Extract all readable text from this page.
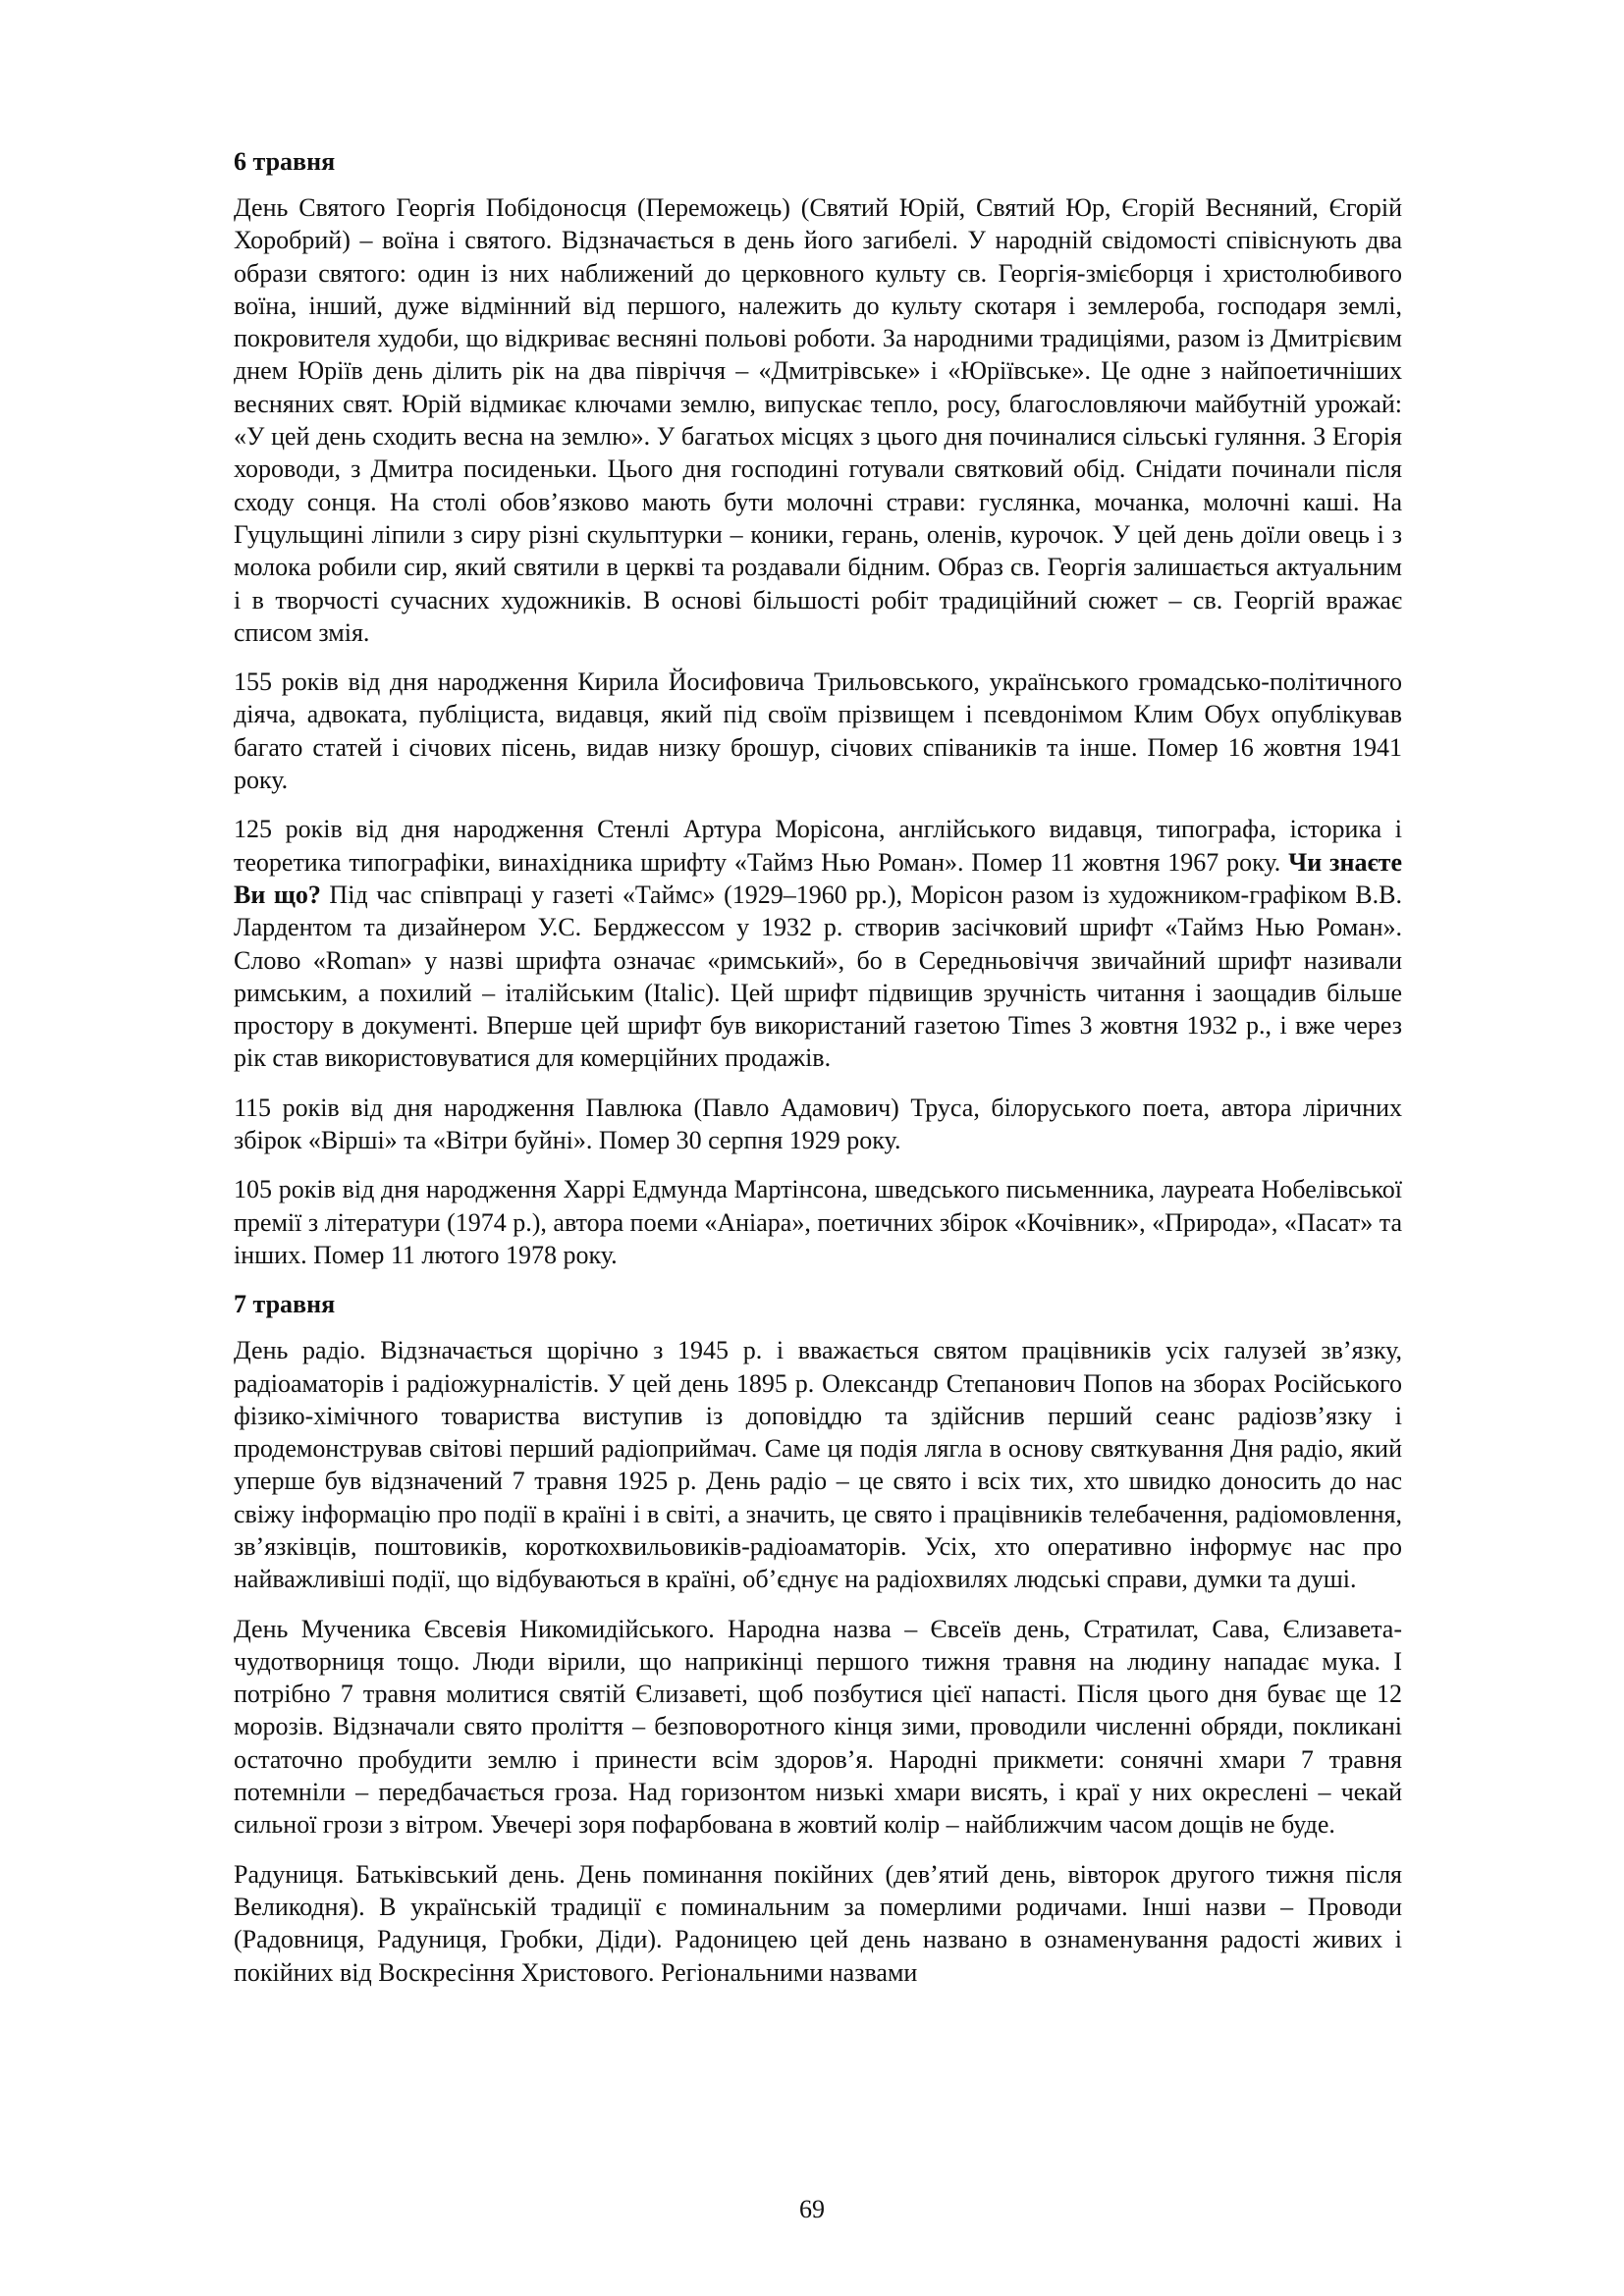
6 травня

День Святого Георгія Побідоносця (Переможець) (Святий Юрій, Святий Юр, Єгорій Весняний, Єгорій Хоробрий) – воїна і святого. Відзначається в день його загибелі. У народній свідомості співіснують два образи святого: один із них наближений до церковного культу св. Георгія-змієборця і христолюбивого воїна, інший, дуже відмінний від першого, належить до культу скотаря і землероба, господаря землі, покровителя худоби, що відкриває весняні польові роботи. За народними традиціями, разом із Дмитрієвим днем Юріїв день ділить рік на два півріччя – «Дмитрівське» і «Юріївське». Це одне з найпоетичніших весняних свят. Юрій відмикає ключами землю, випускає тепло, росу, благословляючи майбутній урожай: «У цей день сходить весна на землю». У багатьох місцях з цього дня починалися сільські гуляння. З Егорія хороводи, з Дмитра посиденьки. Цього дня господині готували святковий обід. Снідати починали після сходу сонця. На столі обов’язково мають бути молочні страви: гуслянка, мочанка, молочні каші. На Гуцульщині ліпили з сиру різні скульптурки – коники, герань, оленів, курочок. У цей день доїли овець і з молока робили сир, який святили в церкві та роздавали бідним. Образ св. Георгія залишається актуальним і в творчості сучасних художників. В основі більшості робіт традиційний сюжет – св. Георгій вражає списом змія.

155 років від дня народження Кирила Йосифовича Трильовського, українського громадсько-політичного діяча, адвоката, публіциста, видавця, який під своїм прізвищем і псевдонімом Клим Обух опублікував багато статей і січових пісень, видав низку брошур, січових співаників та інше. Помер 16 жовтня 1941 року.

125 років від дня народження Стенлі Артура Морісона, англійського видавця, типографа, історика і теоретика типографіки, винахідника шрифту «Таймз Нью Роман». Помер 11 жовтня 1967 року. Чи знаєте Ви що? Під час співпраці у газеті «Таймс» (1929–1960 рр.), Морісон разом із художником-графіком В.В. Лардентом та дизайнером У.С. Берджессом у 1932 р. створив засічковий шрифт «Таймз Нью Роман». Слово «Roman» у назві шрифта означає «римський», бо в Середньовіччя звичайний шрифт називали римським, а похилий – італійським (Italic). Цей шрифт підвищив зручність читання і заощадив більше простору в документі. Вперше цей шрифт був використаний газетою Times 3 жовтня 1932 р., і вже через рік став використовуватися для комерційних продажів.

115 років від дня народження Павлюка (Павло Адамович) Труса, білоруського поета, автора ліричних збірок «Вірші» та «Вітри буйні». Помер 30 серпня 1929 року.

105 років від дня народження Харрі Едмунда Мартінсона, шведського письменника, лауреата Нобелівської премії з літератури (1974 р.), автора поеми «Аніара», поетичних збірок «Кочівник», «Природа», «Пасат» та інших. Помер 11 лютого 1978 року.

7 травня

День радіо. Відзначається щорічно з 1945 р. і вважається святом працівників усіх галузей зв’язку, радіоаматорів і радіожурналістів. У цей день 1895 р. Олександр Степанович Попов на зборах Російського фізико-хімічного товариства виступив із доповіддю та здійснив перший сеанс радіозв’язку і продемонстрував світові перший радіоприймач. Саме ця подія лягла в основу святкування Дня радіо, який уперше був відзначений 7 травня 1925 р. День радіо – це свято і всіх тих, хто швидко доносить до нас свіжу інформацію про події в країні і в світі, а значить, це свято і працівників телебачення, радіомовлення, зв’язківців, поштовиків, короткохвильовиків-радіоаматорів. Усіх, хто оперативно інформує нас про найважливіші події, що відбуваються в країні, об’єднує на радіохвилях людські справи, думки та душі.

День Мученика Євсевія Никомидійського. Народна назва – Євсеїв день, Стратилат, Сава, Єлизавета-чудотворниця тощо. Люди вірили, що наприкінці першого тижня травня на людину нападає мука. І потрібно 7 травня молитися святій Єлизаветі, щоб позбутися цієї напасті. Після цього дня буває ще 12 морозів. Відзначали свято проліття – безповоротного кінця зими, проводили численні обряди, покликані остаточно пробудити землю і принести всім здоров’я. Народні прикмети: сонячні хмари 7 травня потемніли – передбачається гроза. Над горизонтом низькі хмари висять, і краї у них окреслені – чекай сильної грози з вітром. Увечері зоря пофарбована в жовтий колір – найближчим часом дощів не буде.

Радуниця. Батьківський день. День поминання покійних (дев’ятий день, вівторок другого тижня після Великодня). В українській традиції є поминальним за померлими родичами. Інші назви – Проводи (Радовниця, Радуниця, Гробки, Діди). Радоницею цей день названо в ознаменування радості живих і покійних від Воскресіння Христового. Регіональними назвами

69
